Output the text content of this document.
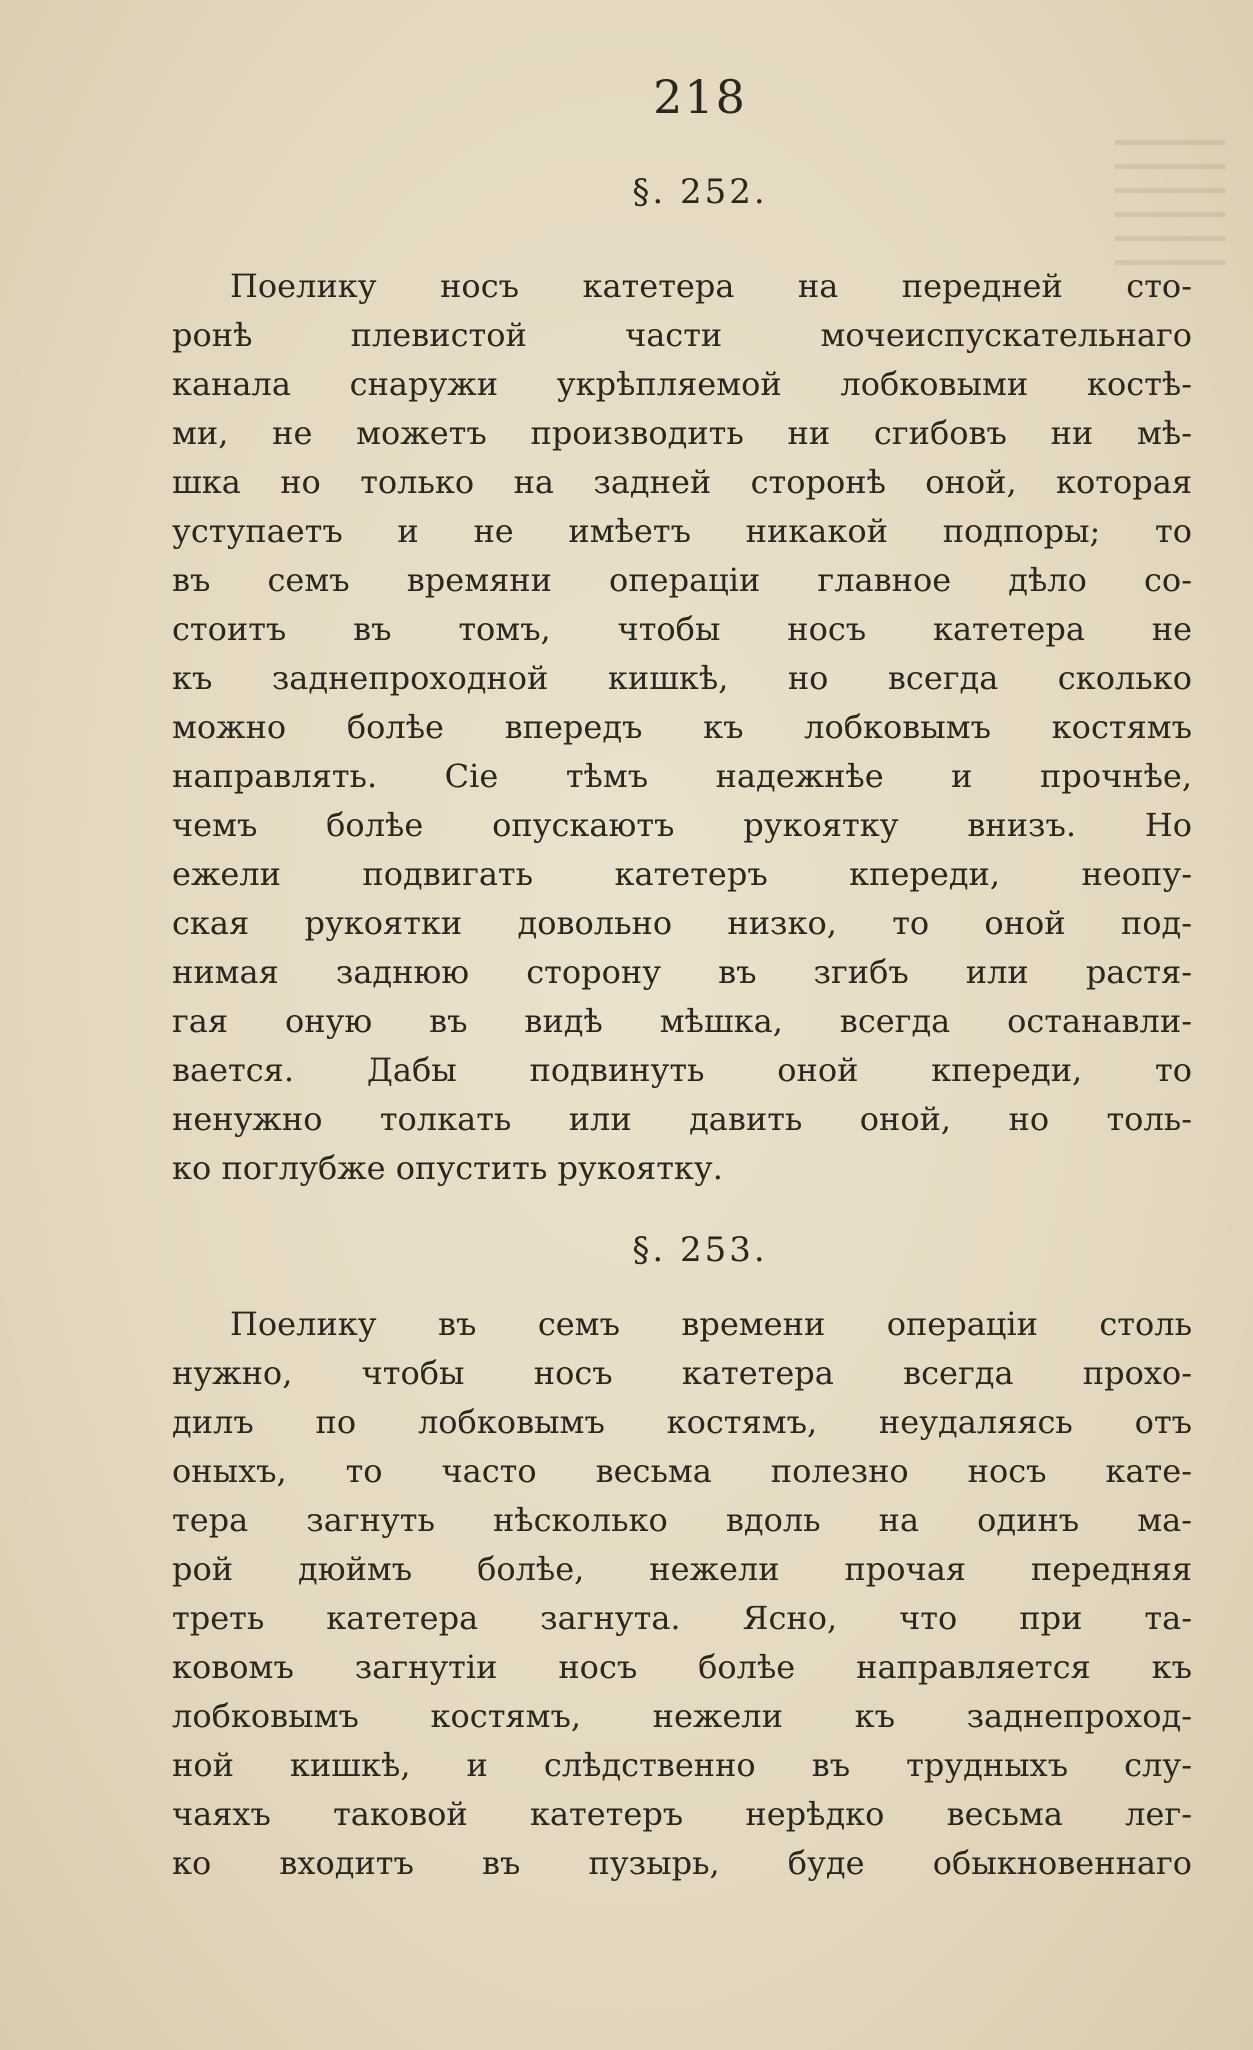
218
§. 252.
Поелику носъ катетера на передней сто-
ронѣ плевистой части мочеиспускательнаго
канала снаружи укрѣпляемой лобковыми костѣ-
ми, не можетъ производить ни сгибовъ ни мѣ-
шка но только на задней сторонѣ оной, которая
уступаетъ и не имѣетъ никакой подпоры; то
въ семъ времяни операціи главное дѣло со-
стоитъ въ томъ, чтобы носъ катетера не
къ заднепроходной кишкѣ, но всегда сколько
можно болѣе впередъ къ лобковымъ костямъ
направлять. Сіе тѣмъ надежнѣе и прочнѣе,
чемъ болѣе опускаютъ рукоятку внизъ. Но
ежели подвигать катетеръ кпереди, неопу-
ская рукоятки довольно низко, то оной под-
нимая заднюю сторону въ згибъ или растя-
гая оную въ видѣ мѣшка, всегда останавли-
вается. Дабы подвинуть оной кпереди, то
ненужно толкать или давить оной, но толь-
ко поглубже опустить рукоятку.
§. 253.
Поелику въ семъ времени операціи столь
нужно, чтобы носъ катетера всегда прохо-
дилъ по лобковымъ костямъ, неудаляясь отъ
оныхъ, то часто весьма полезно носъ кате-
тера загнуть нѣсколько вдоль на одинъ ма-
рой дюймъ болѣе, нежели прочая передняя
треть катетера загнута. Ясно, что при та-
ковомъ загнутіи носъ болѣе направляется къ
лобковымъ костямъ, нежели къ заднепроход-
ной кишкѣ, и слѣдственно въ трудныхъ слу-
чаяхъ таковой катетеръ нерѣдко весьма лег-
ко входитъ въ пузырь, буде обыкновеннаго
